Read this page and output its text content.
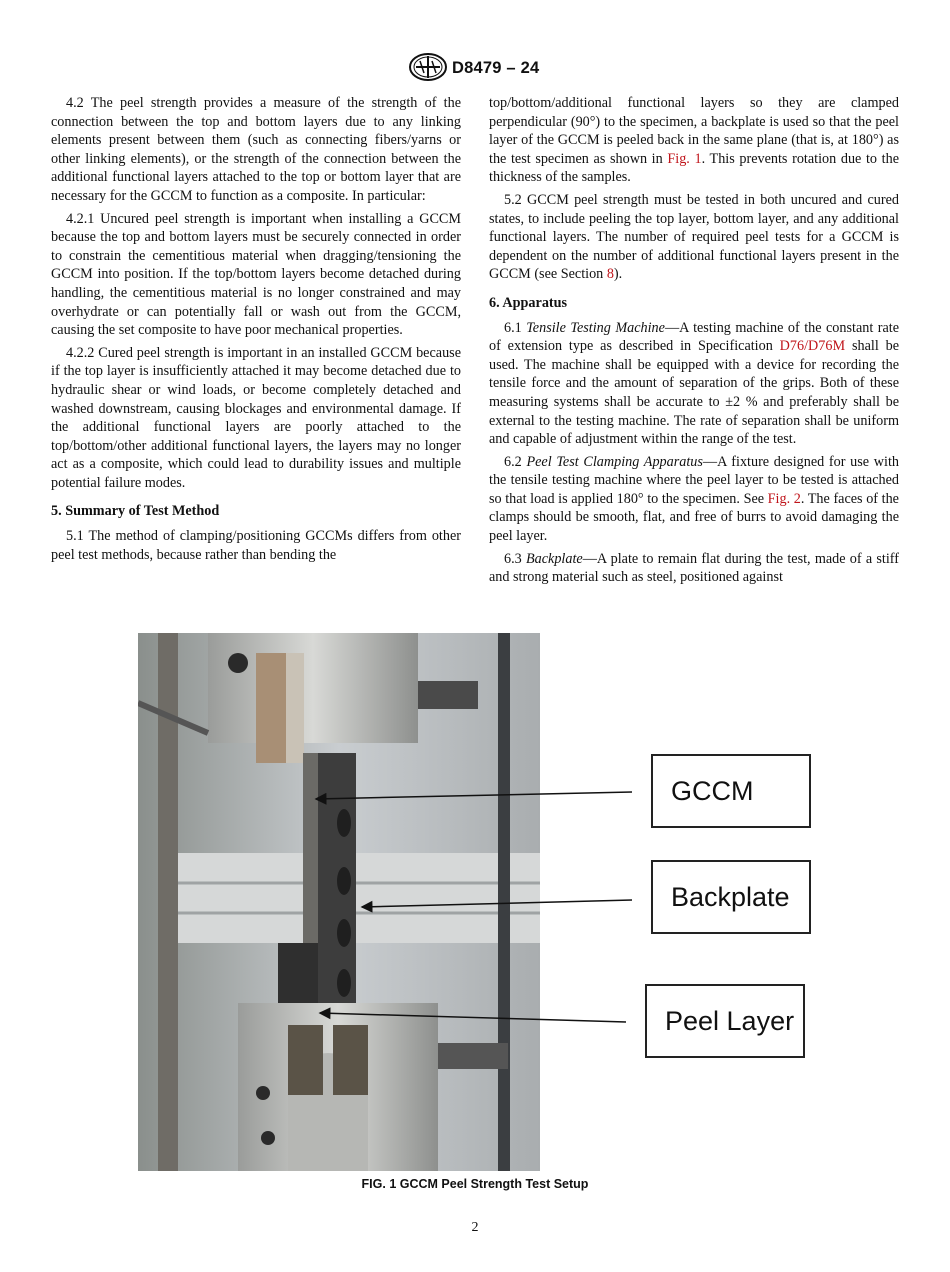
D8479 – 24

4.2 The peel strength provides a measure of the strength of the connection between the top and bottom layers due to any linking elements present between them (such as connecting fibers/yarns or other linking elements), or the strength of the connection between the additional functional layers attached to the top or bottom layer that are necessary for the GCCM to function as a composite. In particular:

4.2.1 Uncured peel strength is important when installing a GCCM because the top and bottom layers must be securely connected in order to constrain the cementitious material when dragging/tensioning the GCCM into position. If the top/bottom layers become detached during handling, the cementitious material is no longer constrained and may overhydrate or can potentially fall or wash out from the GCCM, causing the set composite to have poor mechanical properties.

4.2.2 Cured peel strength is important in an installed GCCM because if the top layer is insufficiently attached it may become detached due to hydraulic shear or wind loads, or become completely detached and washed downstream, causing blockages and environmental damage. If the additional functional layers are poorly attached to the top/bottom/other additional functional layers, the layers may no longer act as a composite, which could lead to durability issues and multiple potential failure modes.

5. Summary of Test Method

5.1 The method of clamping/positioning GCCMs differs from other peel test methods, because rather than bending the

top/bottom/additional functional layers so they are clamped perpendicular (90°) to the specimen, a backplate is used so that the peel layer of the GCCM is peeled back in the same plane (that is, at 180°) as the test specimen as shown in Fig. 1. This prevents rotation due to the thickness of the samples.

5.2 GCCM peel strength must be tested in both uncured and cured states, to include peeling the top layer, bottom layer, and any additional functional layers. The number of required peel tests for a GCCM is dependent on the number of additional functional layers present in the GCCM (see Section 8).

6. Apparatus

6.1 Tensile Testing Machine—A testing machine of the constant rate of extension type as described in Specification D76/D76M shall be used. The machine shall be equipped with a device for recording the tensile force and the amount of separation of the grips. Both of these measuring systems shall be accurate to ±2 % and preferably shall be external to the testing machine. The rate of separation shall be uniform and capable of adjustment within the range of the test.

6.2 Peel Test Clamping Apparatus—A fixture designed for use with the tensile testing machine where the peel layer to be tested is attached so that load is applied 180° to the specimen. See Fig. 2. The faces of the clamps should be smooth, flat, and free of burrs to avoid damaging the peel layer.

6.3 Backplate—A plate to remain flat during the test, made of a stiff and strong material such as steel, positioned against

GCCM
Backplate
Peel Layer
FIG. 1 GCCM Peel Strength Test Setup
2
